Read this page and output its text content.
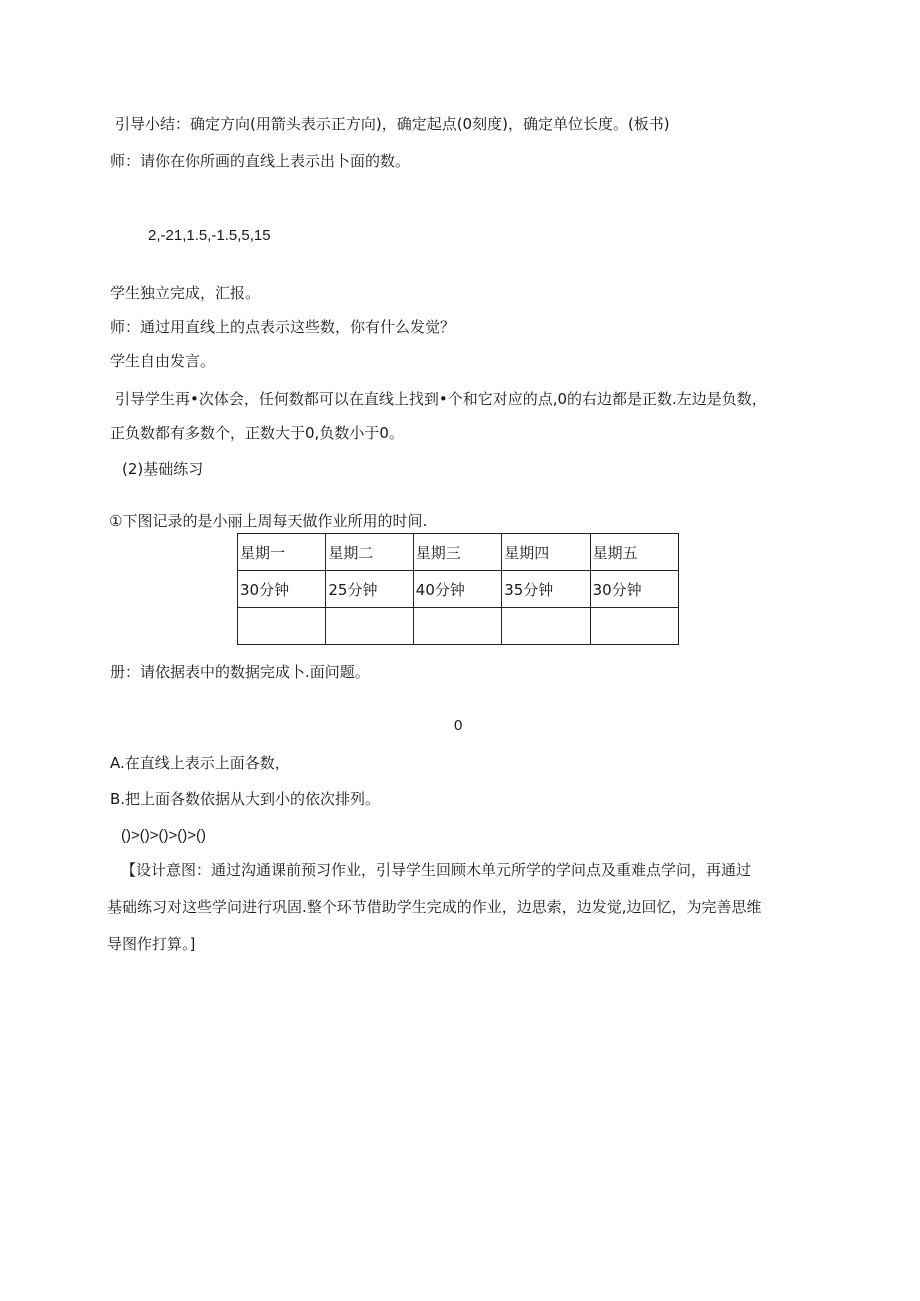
引导小结：确定方向(用箭头表示正方向)，确定起点(0刻度)，确定单位长度。(板书)
师：请你在你所画的直线上表示出卜面的数。
2,-21,1.5,-1.5,5,15
学生独立完成，汇报。
师：通过用直线上的点表示这些数，你有什么发觉？
学生自由发言。
引导学生再•次体会，任何数都可以在直线上找到•个和它对应的点,0的右边都是正数.左边是负数，
正负数都有多数个，正数大于0,负数小于0。
(2)基础练习
①下图记录的是小丽上周每天做作业所用的时间.
星期一	星期二	星期三	星期四	星期五
30分钟	25分钟	40分钟	35分钟	30分钟

册：请依据表中的数据完成卜.面问题。
0
A.在直线上表示上面各数，
B.把上面各数依据从大到小的依次排列。
()>()>()>()>()
【设计意图：通过沟通课前预习作业，引导学生回顾木单元所学的学问点及重难点学问，再通过
基础练习对这些学问进行巩固.整个环节借助学生完成的作业，边思索，边发觉,边回忆，为完善思维
导图作打算。]
